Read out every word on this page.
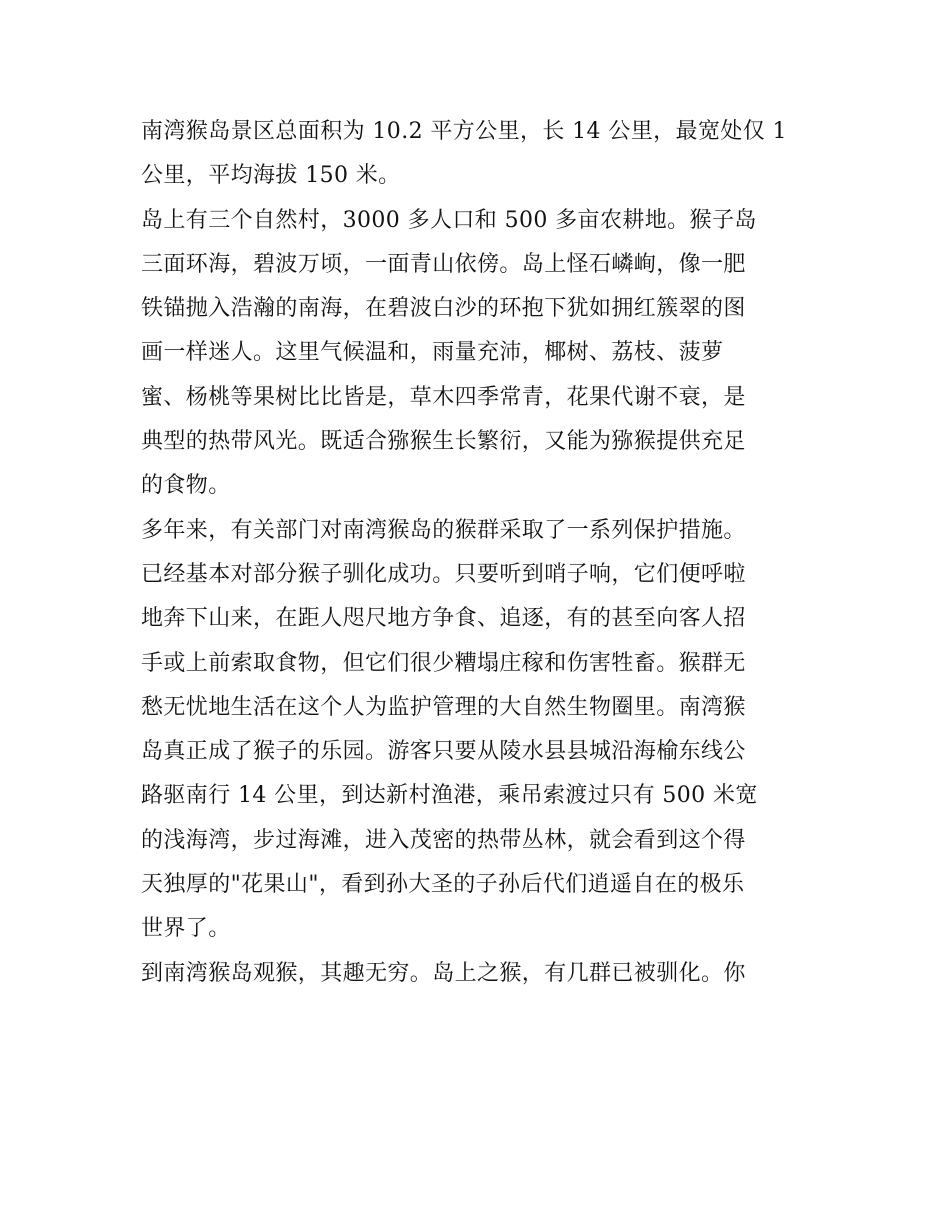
南湾猴岛景区总面积为 10.2 平方公里，长 14 公里，最宽处仅 1
公里，平均海拔 150 米。
岛上有三个自然村，3000 多人口和 500 多亩农耕地。猴子岛
三面环海，碧波万顷，一面青山依傍。岛上怪石嶙峋，像一肥
铁锚抛入浩瀚的南海，在碧波白沙的环抱下犹如拥红簇翠的图
画一样迷人。这里气候温和，雨量充沛，椰树、荔枝、菠萝
蜜、杨桃等果树比比皆是，草木四季常青，花果代谢不衰，是
典型的热带风光。既适合猕猴生长繁衍，又能为猕猴提供充足
的食物。
多年来，有关部门对南湾猴岛的猴群采取了一系列保护措施。
已经基本对部分猴子驯化成功。只要听到哨子响，它们便呼啦
地奔下山来，在距人咫尺地方争食、追逐，有的甚至向客人招
手或上前索取食物，但它们很少糟塌庄稼和伤害牲畜。猴群无
愁无忧地生活在这个人为监护管理的大自然生物圈里。南湾猴
岛真正成了猴子的乐园。游客只要从陵水县县城沿海榆东线公
路驱南行 14 公里，到达新村渔港，乘吊索渡过只有 500 米宽
的浅海湾，步过海滩，进入茂密的热带丛林，就会看到这个得
天独厚的"花果山"，看到孙大圣的子孙后代们逍遥自在的极乐
世界了。
到南湾猴岛观猴，其趣无穷。岛上之猴，有几群已被驯化。你
